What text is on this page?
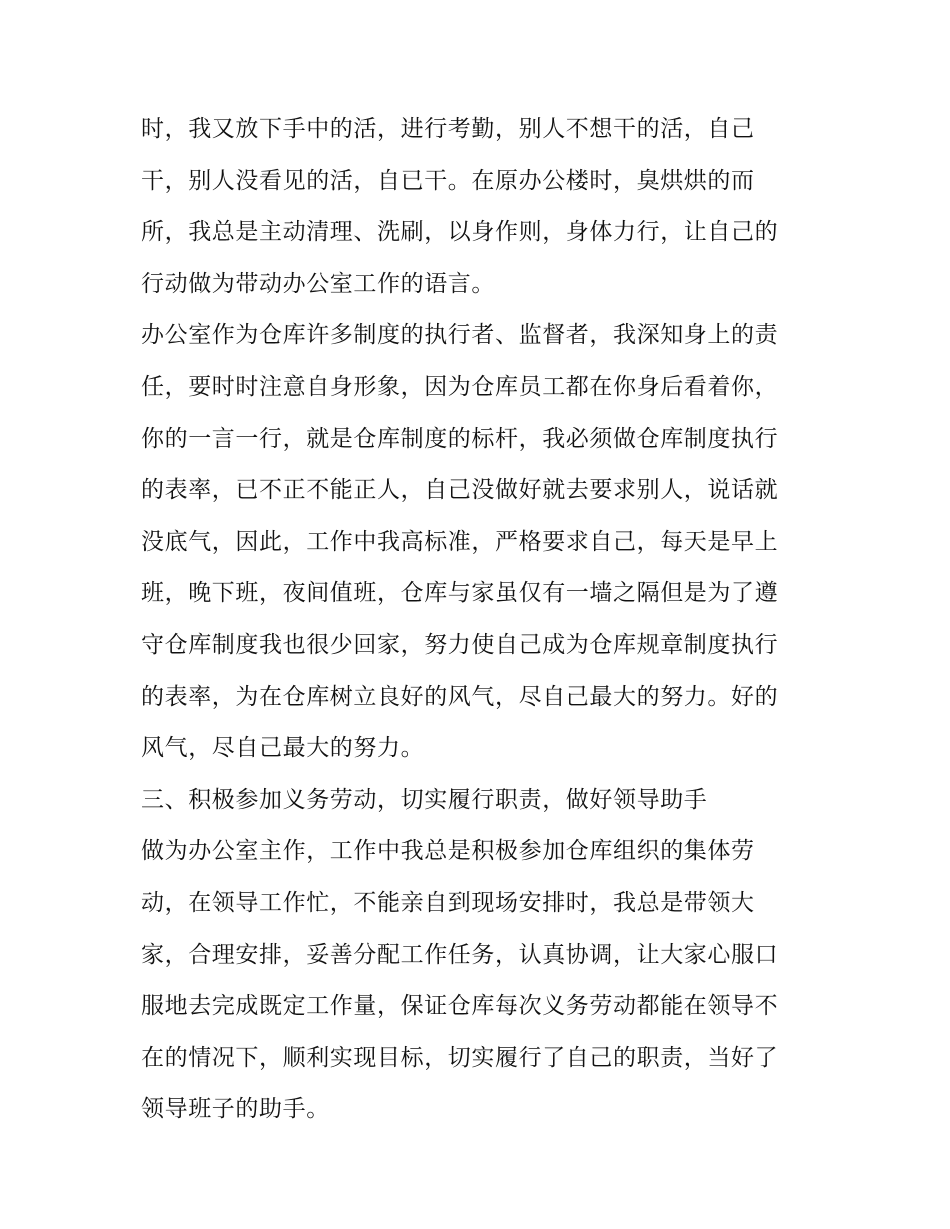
时，我又放下手中的活，进行考勤，别人不想干的活，自己
干，别人没看见的活，自已干。在原办公楼时，臭烘烘的而
所，我总是主动清理、洗刷，以身作则，身体力行，让自己的
行动做为带动办公室工作的语言。
办公室作为仓库许多制度的执行者、监督者，我深知身上的责
任，要时时注意自身形象，因为仓库员工都在你身后看着你，
你的一言一行，就是仓库制度的标杆，我必须做仓库制度执行
的表率，已不正不能正人，自己没做好就去要求别人，说话就
没底气，因此，工作中我高标准，严格要求自己，每天是早上
班，晚下班，夜间值班，仓库与家虽仅有一墙之隔但是为了遵
守仓库制度我也很少回家，努力使自己成为仓库规章制度执行
的表率，为在仓库树立良好的风气，尽自己最大的努力。好的
风气，尽自己最大的努力。
三、积极参加义务劳动，切实履行职责，做好领导助手
做为办公室主作，工作中我总是积极参加仓库组织的集体劳
动，在领导工作忙，不能亲自到现场安排时，我总是带领大
家，合理安排，妥善分配工作任务，认真协调，让大家心服口
服地去完成既定工作量，保证仓库每次义务劳动都能在领导不
在的情况下，顺利实现目标，切实履行了自己的职责，当好了
领导班子的助手。
